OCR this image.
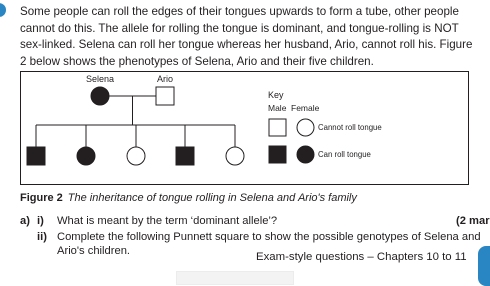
Some people can roll the edges of their tongues upwards to form a tube, other people cannot do this. The allele for rolling the tongue is dominant, and tongue-rolling is NOT sex-linked. Selena can roll her tongue whereas her husband, Ario, cannot roll his. Figure 2 below shows the phenotypes of Selena, Ario and their five children.

Selena	Ario
Key
Male Female
Cannot roll tongue
Can roll tongue
Figure 2 The inheritance of tongue rolling in Selena and Ario's family
a) i) What is meant by the term ‘dominant allele’?	(2 mar
ii) Complete the following Punnett square to show the possible genotypes of Selena and
Ario's children.	Exam-style questions – Chapters 10 to 11
